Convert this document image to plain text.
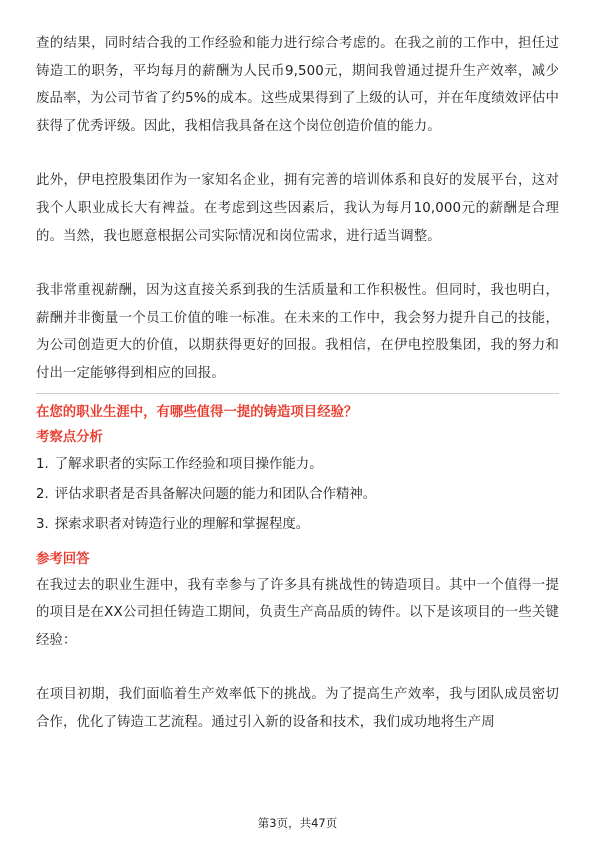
查的结果，同时结合我的工作经验和能力进行综合考虑的。在我之前的工作中，担任过铸造工的职务，平均每月的薪酬为人民币9,500元，期间我曾通过提升生产效率，减少废品率，为公司节省了约5%的成本。这些成果得到了上级的认可，并在年度绩效评估中获得了优秀评级。因此，我相信我具备在这个岗位创造价值的能力。

此外，伊电控股集团作为一家知名企业，拥有完善的培训体系和良好的发展平台，这对我个人职业成长大有裨益。在考虑到这些因素后，我认为每月10,000元的薪酬是合理的。当然，我也愿意根据公司实际情况和岗位需求，进行适当调整。

我非常重视薪酬，因为这直接关系到我的生活质量和工作积极性。但同时，我也明白，薪酬并非衡量一个员工价值的唯一标准。在未来的工作中，我会努力提升自己的技能，为公司创造更大的价值，以期获得更好的回报。我相信，在伊电控股集团，我的努力和付出一定能够得到相应的回报。

在您的职业生涯中，有哪些值得一提的铸造项目经验？

考察点分析

1. 了解求职者的实际工作经验和项目操作能力。

2. 评估求职者是否具备解决问题的能力和团队合作精神。

3. 探索求职者对铸造行业的理解和掌握程度。

参考回答

在我过去的职业生涯中，我有幸参与了许多具有挑战性的铸造项目。其中一个值得一提的项目是在XX公司担任铸造工期间，负责生产高品质的铸件。以下是该项目的一些关键经验：

在项目初期，我们面临着生产效率低下的挑战。为了提高生产效率，我与团队成员密切合作，优化了铸造工艺流程。通过引入新的设备和技术，我们成功地将生产周

第3页，共47页
